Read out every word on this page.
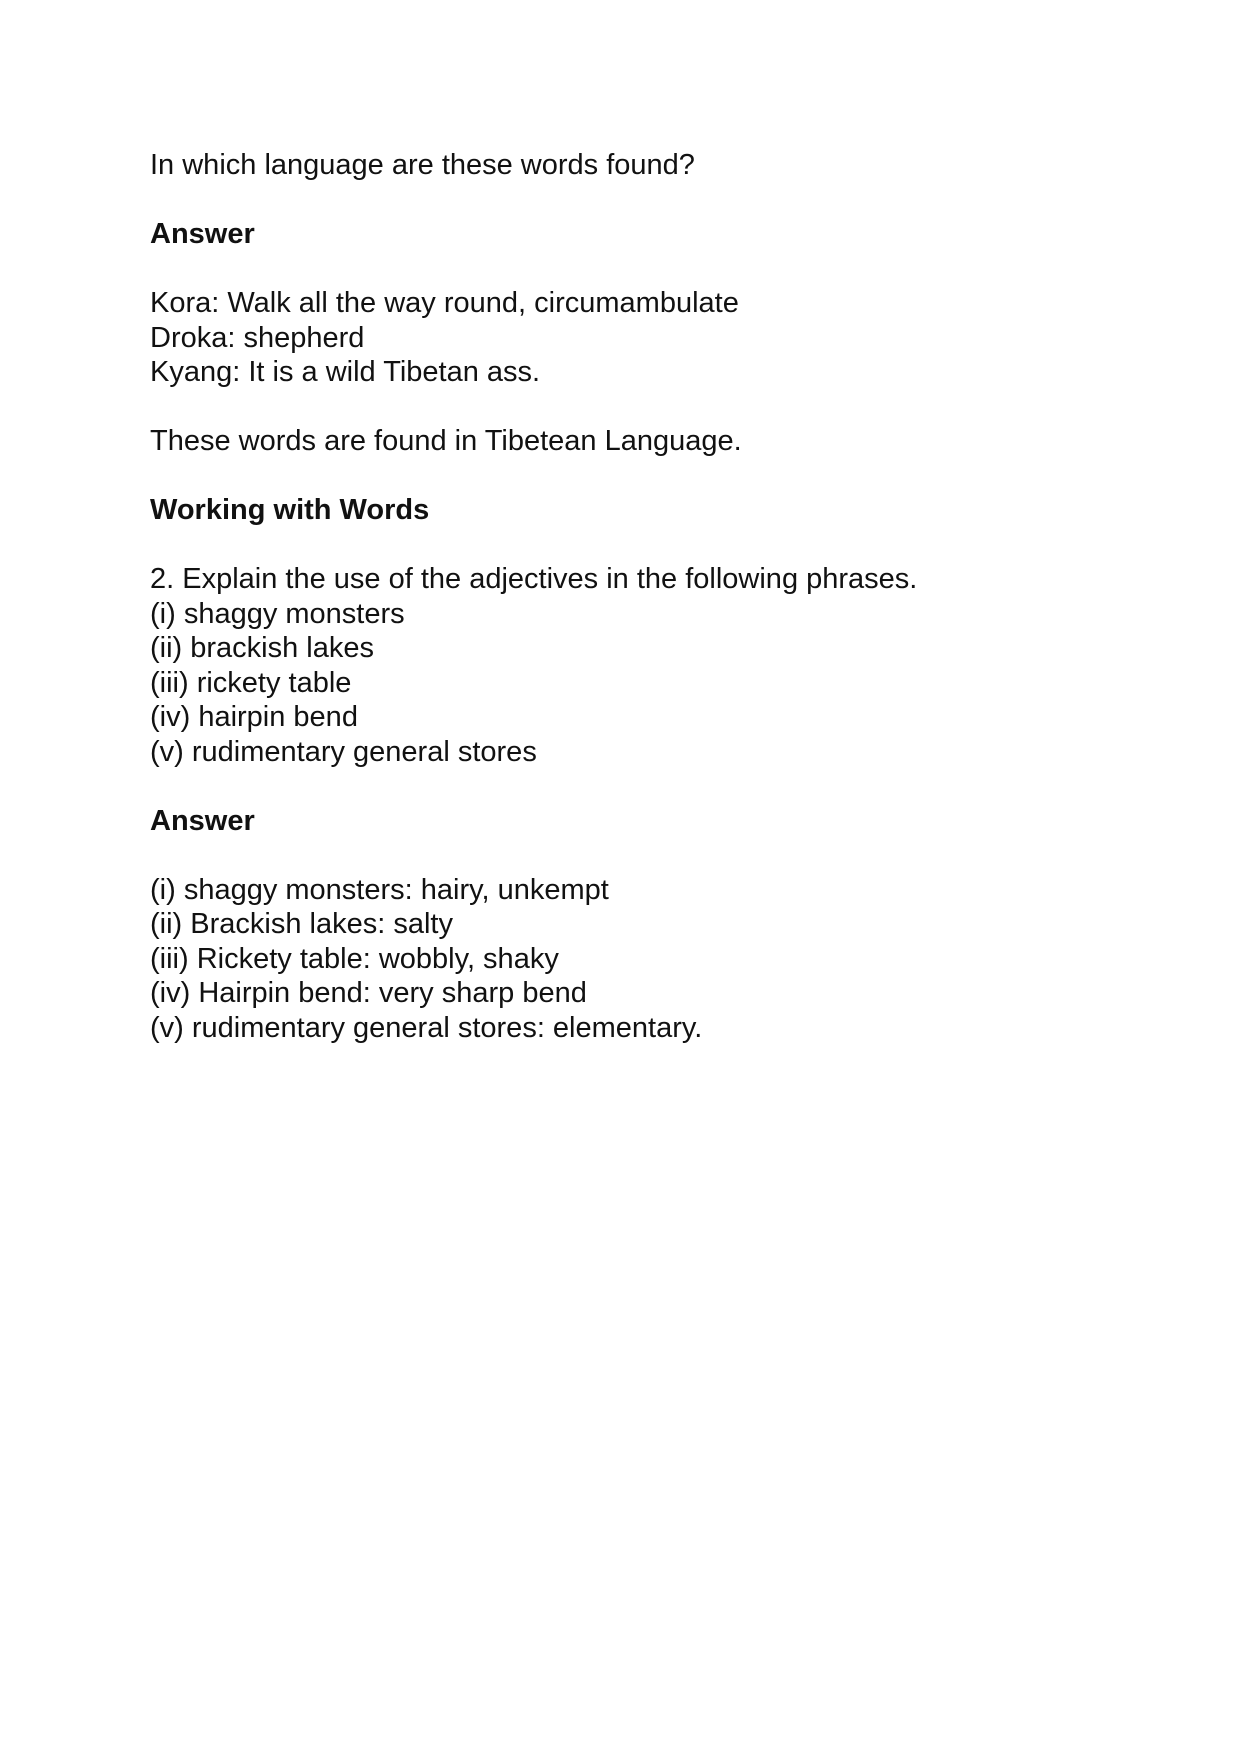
In which language are these words found?

Answer

Kora: Walk all the way round, circumambulate

Droka: shepherd

Kyang: It is a wild Tibetan ass.

These words are found in Tibetean Language.

Working with Words

2. Explain the use of the adjectives in the following phrases.

(i) shaggy monsters

(ii) brackish lakes

(iii) rickety table

(iv) hairpin bend

(v) rudimentary general stores

Answer

(i) shaggy monsters: hairy, unkempt

(ii) Brackish lakes: salty

(iii) Rickety table: wobbly, shaky

(iv) Hairpin bend: very sharp bend

(v) rudimentary general stores: elementary.
